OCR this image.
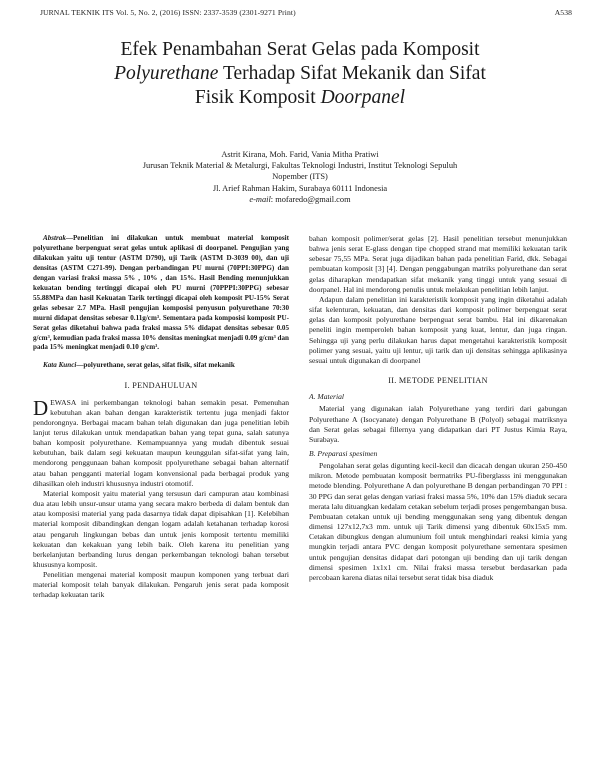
JURNAL TEKNIK ITS Vol. 5, No. 2, (2016) ISSN: 2337-3539 (2301-9271 Print)	A538
Efek Penambahan Serat Gelas pada Komposit
Polyurethane Terhadap Sifat Mekanik dan Sifat
Fisik Komposit Doorpanel
Astrit Kirana, Moh. Farid, Vania Mitha Pratiwi
Jurusan Teknik Material & Metalurgi, Fakultas Teknologi Industri, Institut Teknologi Sepuluh
Nopember (ITS)
Jl. Arief Rahman Hakim, Surabaya 60111 Indonesia
e-mail: mofaredo@gmail.com

Abstrak—Penelitian ini dilakukan untuk membuat material komposit polyurethane berpenguat serat gelas untuk aplikasi di doorpanel. Pengujian yang dilakukan yaitu uji tentur (ASTM D790), uji Tarik (ASTM D-3039 00), dan uji densitas (ASTM C271-99). Dengan perbandingan PU murni (70PPI:30PPG) dan dengan variasi fraksi massa 5% , 10% , dan 15%. Hasil Bending menunjukkan kekuatan bending tertinggi dicapai oleh PU murni (70PPPI:30PPG) sebesar 55.88MPa dan hasil Kekuatan Tarik tertinggi dicapai oleh komposit PU-15% Serat gelas sebesar 2.7 MPa. Hasil pengujian komposisi penyusun polyurethane 70:30 murni didapat densitas sebesar 0.11g/cm³. Sementara pada komposisi komposit PU-Serat gelas diketahui bahwa pada fraksi massa 5% didapat densitas sebesar 0.05 g/cm³, kemudian pada fraksi massa 10% densitas meningkat menjadi 0.09 g/cm³ dan pada 15% meningkat menjadi 0.10 g/cm³.

Kata Kunci—polyurethane, serat gelas, sifat fisik, sifat mekanik

I. PENDAHULUAN

DEWASA ini perkembangan teknologi bahan semakin pesat. Pemenuhan kebutuhan akan bahan dengan karakteristik tertentu juga menjadi faktor pendorongnya. Berbagai macam bahan telah digunakan dan juga penelitian lebih lanjut terus dilakukan untuk mendapatkan bahan yang tepat guna, salah satunya bahan komposit polyurethane. Kemampuannya yang mudah dibentuk sesuai kebutuhan, baik dalam segi kekuatan maupun keunggulan sifat-sifat yang lain, mendorong penggunaan bahan komposit ppolyurethane sebagai bahan alternatif atau bahan pengganti material logam konvensional pada berbagai produk yang dihasilkan oleh industri khususnya industri otomotif.

Material komposit yaitu material yang tersusun dari campuran atau kombinasi dua atau lebih unsur-unsur utama yang secara makro berbeda di dalam bentuk dan atau komposisi material yang pada dasarnya tidak dapat dipisahkan [1]. Kelebihan material komposit dibandingkan dengan logam adalah ketahanan terhadap korosi atau pengaruh lingkungan bebas dan untuk jenis komposit tertentu memiliki kekuatan dan kekakuan yang lebih baik. Oleh karena itu penelitian yang berkelanjutan berbanding lurus dengan perkembangan teknologi bahan tersebut khususnya komposit.

Penelitian mengenai material komposit maupun komponen yang terbuat dari material komposit telah banyak dilakukan. Pengaruh jenis serat pada komposit terhadap kekuatan tarik

bahan komposit polimer/serat gelas [2]. Hasil penelitian tersebut menunjukkan bahwa jenis serat E-glass dengan tipe chopped strand mat memiliki kekuatan tarik sebesar 75,55 MPa. Serat juga dijadikan bahan pada penelitian Farid, dkk. Sebagai pembuatan komposit [3] [4]. Dengan penggabungan matriks polyurethane dan serat gelas diharapkan mendapatkan sifat mekanik yang tinggi untuk yang sesuai di doorpanel. Hal ini mendorong penulis untuk melakukan penelitian lebih lanjut.

Adapun dalam penelitian ini karakteristik komposit yang ingin diketahui adalah sifat kelenturan, kekuatan, dan densitas dari komposit polimer berpenguat serat gelas dan komposit polyurethane berpenguat serat bambu. Hal ini dikarenakan peneliti ingin memperoleh bahan komposit yang kuat, lentur, dan juga ringan. Sehingga uji yang perlu dilakukan harus dapat mengetahui karakteristik komposit polimer yang sesuai, yaitu uji lentur, uji tarik dan uji densitas sehingga aplikasinya sesuai untuk digunakan di doorpanel

II. METODE PENELITIAN
A. Material

Material yang digunakan ialah Polyurethane yang terdiri dari gabungan Polyurethane A (Isocyanate) dengan Polyurethane B (Polyol) sebagai matriksnya dan Serat gelas sebagai fillernya yang didapatkan dari PT Justus Kimia Raya, Surabaya.

B. Preparasi spesimen

Pengolahan serat gelas digunting kecil-kecil dan dicacah dengan ukuran 250-450 mikron. Metode pembuatan komposit bermatriks PU-fiberglasss ini menggunakan metode blending. Polyurethane A dan polyurethane B dengan perbandingan 70 PPI : 30 PPG dan serat gelas dengan variasi fraksi massa 5%, 10% dan 15% diaduk secara merata lalu dituangkan kedalam cetakan sebelum terjadi proses pengembangan busa. Pembuatan cetakan untuk uji bending menggunakan seng yang dibentuk dengan dimensi 127x12,7x3 mm. untuk uji Tarik dimensi yang dibentuk 60x15x5 mm. Cetakan dibungkus dengan alumunium foil untuk menghindari reaksi kimia yang mungkin terjadi antara PVC dengan komposit polyurethane sementara spesimen untuk pengujian densitas didapat dari potongan uji bending dan uji tarik dengan dimensi spesimen 1x1x1 cm. Nilai fraksi massa tersebut berdasarkan pada percobaan karena diatas nilai tersebut serat tidak bisa diaduk
